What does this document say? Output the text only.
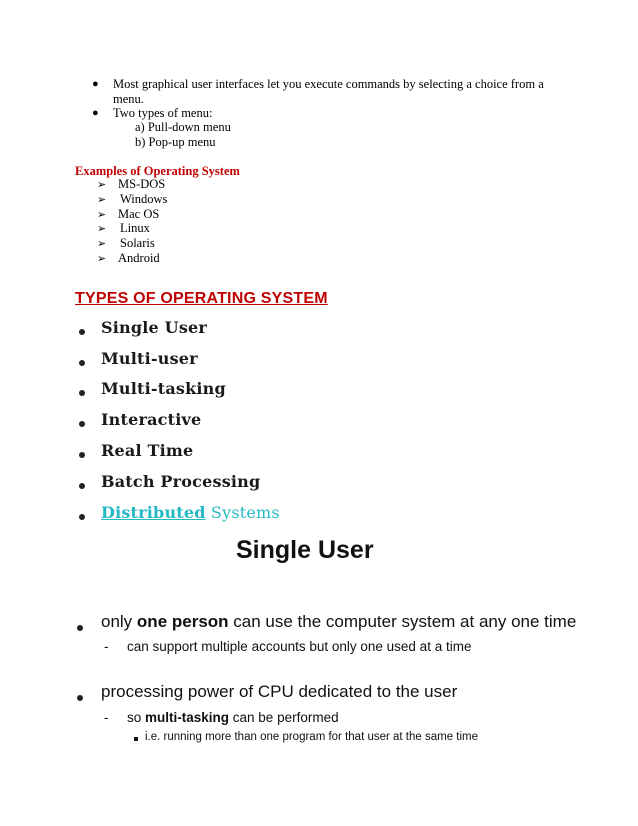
● Most graphical user interfaces let you execute commands by selecting a choice from a
menu.
● Two types of menu:
a) Pull-down menu
b) Pop-up menu
Examples of Operating System
➢ MS-DOS
➢ Windows
➢ Mac OS
➢ Linux
➢ Solaris
➢ Android
TYPES OF OPERATING SYSTEM
Single User
Multi-user
Multi-tasking
Interactive
Real Time
Batch Processing
Distributed Systems
Single User
only one person can use the computer system at any one time
- can support multiple accounts but only one used at a time
processing power of CPU dedicated to the user
- so multi-tasking can be performed
i.e. running more than one program for that user at the same time
